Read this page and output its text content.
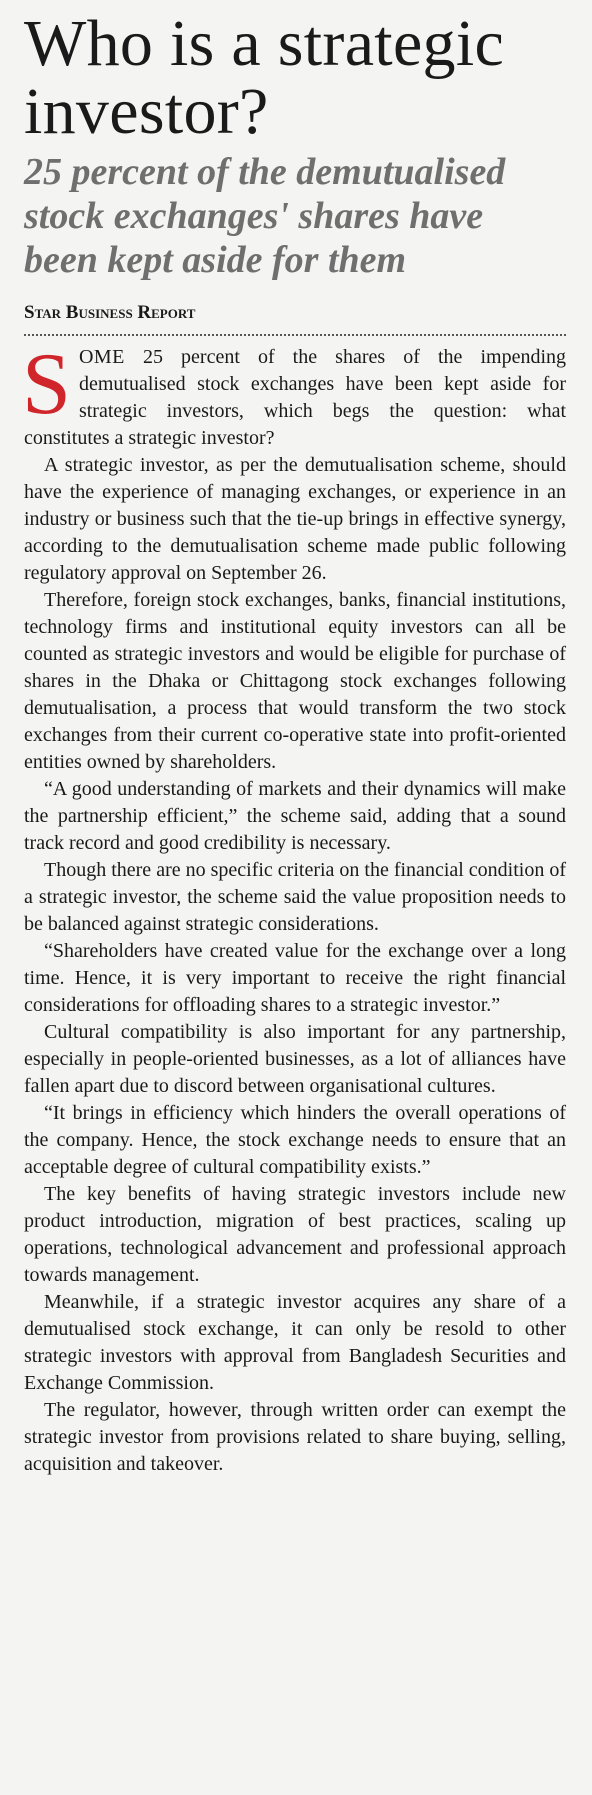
Who is a strategic investor?
25 percent of the demutualised stock exchanges' shares have been kept aside for them
Star Business Report

SOME 25 percent of the shares of the impending demutualised stock exchanges have been kept aside for strategic investors, which begs the question: what constitutes a strategic investor?

A strategic investor, as per the demutualisation scheme, should have the experience of managing exchanges, or experience in an industry or business such that the tie-up brings in effective synergy, according to the demutualisation scheme made public following regulatory approval on September 26.

Therefore, foreign stock exchanges, banks, financial institutions, technology firms and institutional equity investors can all be counted as strategic investors and would be eligible for purchase of shares in the Dhaka or Chittagong stock exchanges following demutualisation, a process that would transform the two stock exchanges from their current co-operative state into profit-oriented entities owned by shareholders.

“A good understanding of markets and their dynamics will make the partnership efficient,” the scheme said, adding that a sound track record and good credibility is necessary.

Though there are no specific criteria on the financial condition of a strategic investor, the scheme said the value proposition needs to be balanced against strategic considerations.

“Shareholders have created value for the exchange over a long time. Hence, it is very important to receive the right financial considerations for offloading shares to a strategic investor.”

Cultural compatibility is also important for any partnership, especially in people-oriented businesses, as a lot of alliances have fallen apart due to discord between organisational cultures.

“It brings in efficiency which hinders the overall operations of the company. Hence, the stock exchange needs to ensure that an acceptable degree of cultural compatibility exists.”

The key benefits of having strategic investors include new product introduction, migration of best practices, scaling up operations, technological advancement and professional approach towards management.

Meanwhile, if a strategic investor acquires any share of a demutualised stock exchange, it can only be resold to other strategic investors with approval from Bangladesh Securities and Exchange Commission.

The regulator, however, through written order can exempt the strategic investor from provisions related to share buying, selling, acquisition and takeover.
